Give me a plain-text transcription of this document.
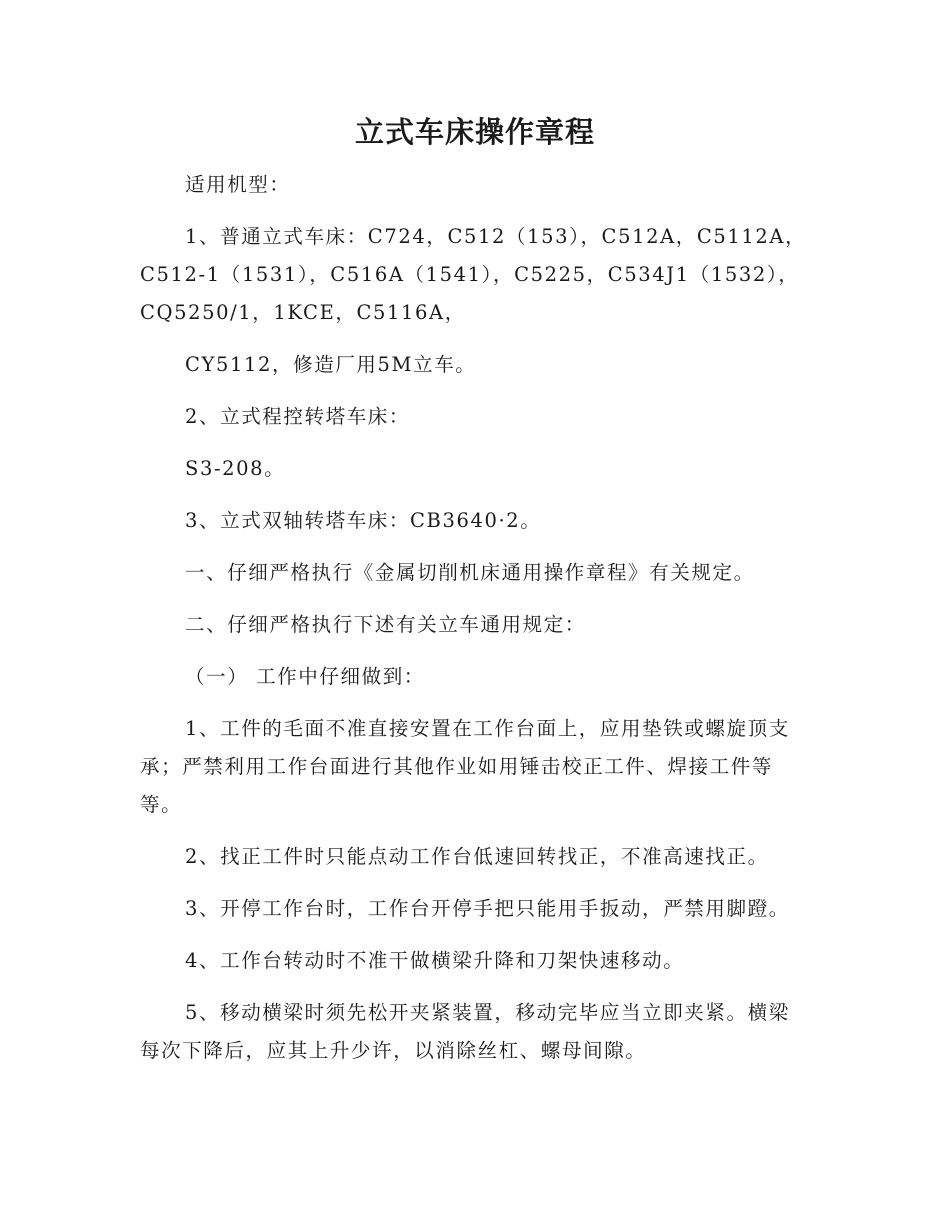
立式车床操作章程
适用机型：
1、普通立式车床：C724，C512（153），C512A，C5112A，C512-1（1531），C516A（1541），C5225，C534J1（1532），CQ5250/1，1KCE，C5116A，
CY5112，修造厂用5M立车。
2、立式程控转塔车床：
S3-208。
3、立式双轴转塔车床：CB3640·2。
一、仔细严格执行《金属切削机床通用操作章程》有关规定。
二、仔细严格执行下述有关立车通用规定：
（一） 工作中仔细做到：
1、工件的毛面不准直接安置在工作台面上，应用垫铁或螺旋顶支承；严禁利用工作台面进行其他作业如用锤击校正工件、焊接工件等等。
2、找正工件时只能点动工作台低速回转找正，不准高速找正。
3、开停工作台时，工作台开停手把只能用手扳动，严禁用脚蹬。
4、工作台转动时不准干做横梁升降和刀架快速移动。
5、移动横梁时须先松开夹紧装置，移动完毕应当立即夹紧。横梁每次下降后，应其上升少许，以消除丝杠、螺母间隙。
